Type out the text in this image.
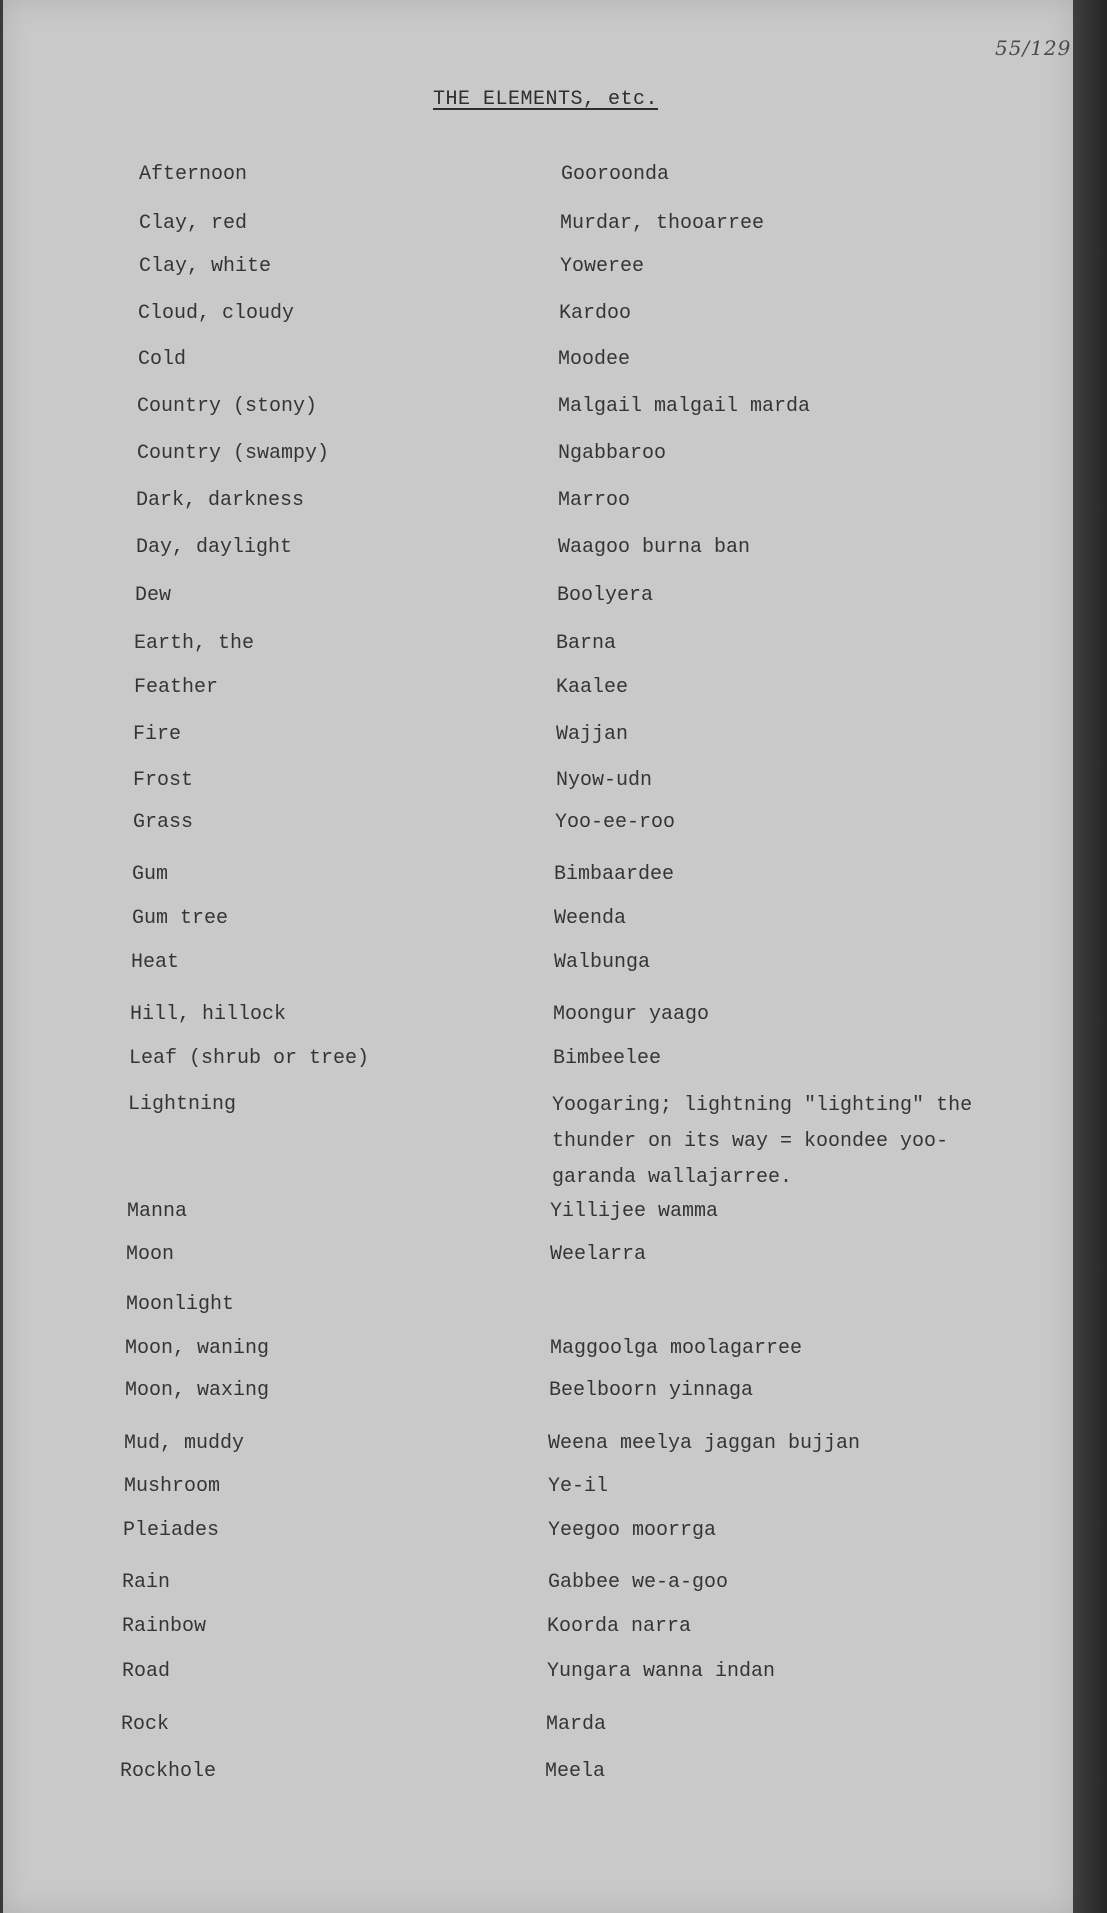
55/129
THE ELEMENTS, etc.
Afternoon	Gooroonda
Clay, red	Murdar, thooarree
Clay, white	Yoweree
Cloud, cloudy	Kardoo
Cold	Moodee
Country (stony)	Malgail malgail marda
Country (swampy)	Ngabbaroo
Dark, darkness	Marroo
Day, daylight	Waagoo burna ban
Dew	Boolyera
Earth, the	Barna
Feather	Kaalee
Fire	Wajjan
Frost	Nyow-udn
Grass	Yoo-ee-roo
Gum	Bimbaardee
Gum tree	Weenda
Heat	Walbunga
Hill, hillock	Moongur yaago
Leaf (shrub or tree)	Bimbeelee
Lightning	Yoogaring; lightning "lighting" the thunder on its way = koondee yoo-garanda wallajarree.
Manna	Yillijee wamma
Moon	Weelarra
Moonlight
Moon, waning	Maggoolga moolagarree
Moon, waxing	Beelboorn yinnaga
Mud, muddy	Weena meelya jaggan bujjan
Mushroom	Ye-il
Pleiades	Yeegoo moorrga
Rain	Gabbee we-a-goo
Rainbow	Koorda narra
Road	Yungara wanna indan
Rock	Marda
Rockhole	Meela
